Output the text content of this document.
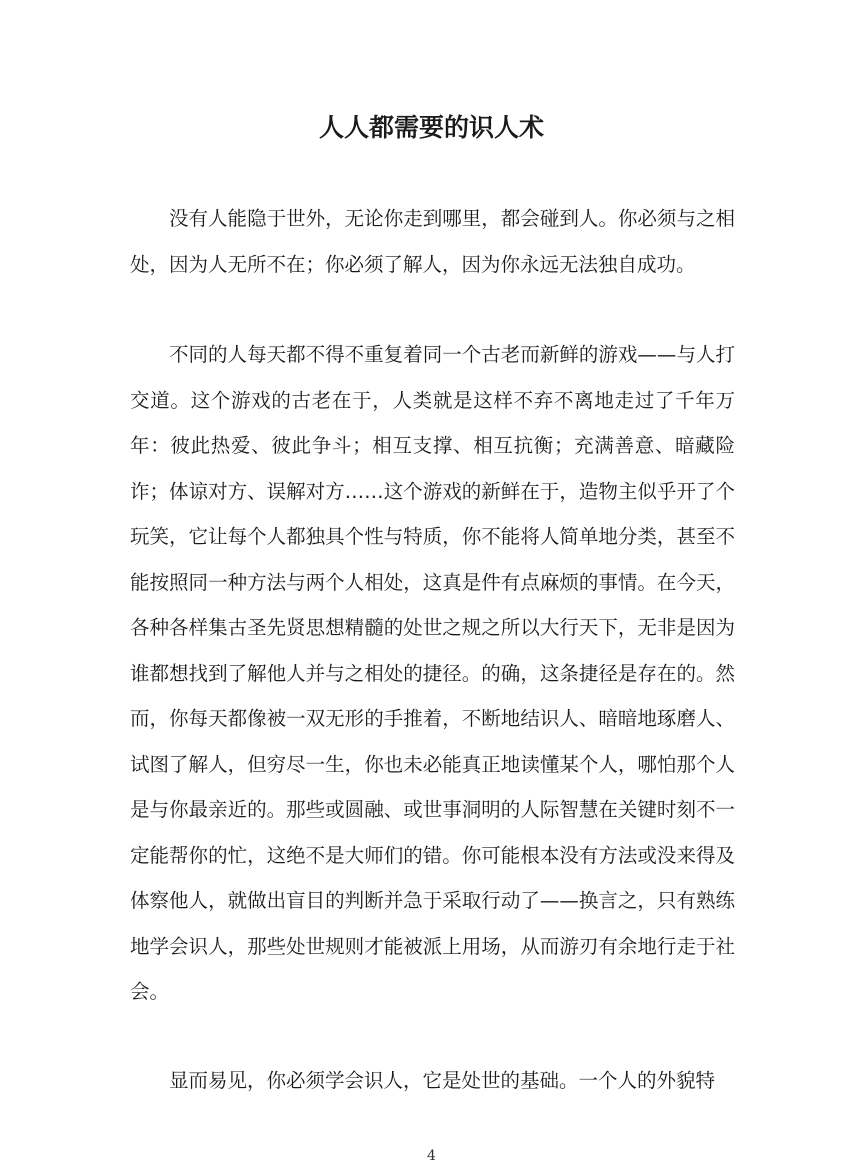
人人都需要的识人术

没有人能隐于世外，无论你走到哪里，都会碰到人。你必须与之相处，因为人无所不在；你必须了解人，因为你永远无法独自成功。

不同的人每天都不得不重复着同一个古老而新鲜的游戏——与人打交道。这个游戏的古老在于，人类就是这样不弃不离地走过了千年万年：彼此热爱、彼此争斗；相互支撑、相互抗衡；充满善意、暗藏险诈；体谅对方、误解对方……这个游戏的新鲜在于，造物主似乎开了个玩笑，它让每个人都独具个性与特质，你不能将人简单地分类，甚至不能按照同一种方法与两个人相处，这真是件有点麻烦的事情。在今天，各种各样集古圣先贤思想精髓的处世之规之所以大行天下，无非是因为谁都想找到了解他人并与之相处的捷径。的确，这条捷径是存在的。然而，你每天都像被一双无形的手推着，不断地结识人、暗暗地琢磨人、试图了解人，但穷尽一生，你也未必能真正地读懂某个人，哪怕那个人是与你最亲近的。那些或圆融、或世事洞明的人际智慧在关键时刻不一定能帮你的忙，这绝不是大师们的错。你可能根本没有方法或没来得及体察他人，就做出盲目的判断并急于采取行动了——换言之，只有熟练地学会识人，那些处世规则才能被派上用场，从而游刃有余地行走于社会。

显而易见，你必须学会识人，它是处世的基础。一个人的外貌特

4
